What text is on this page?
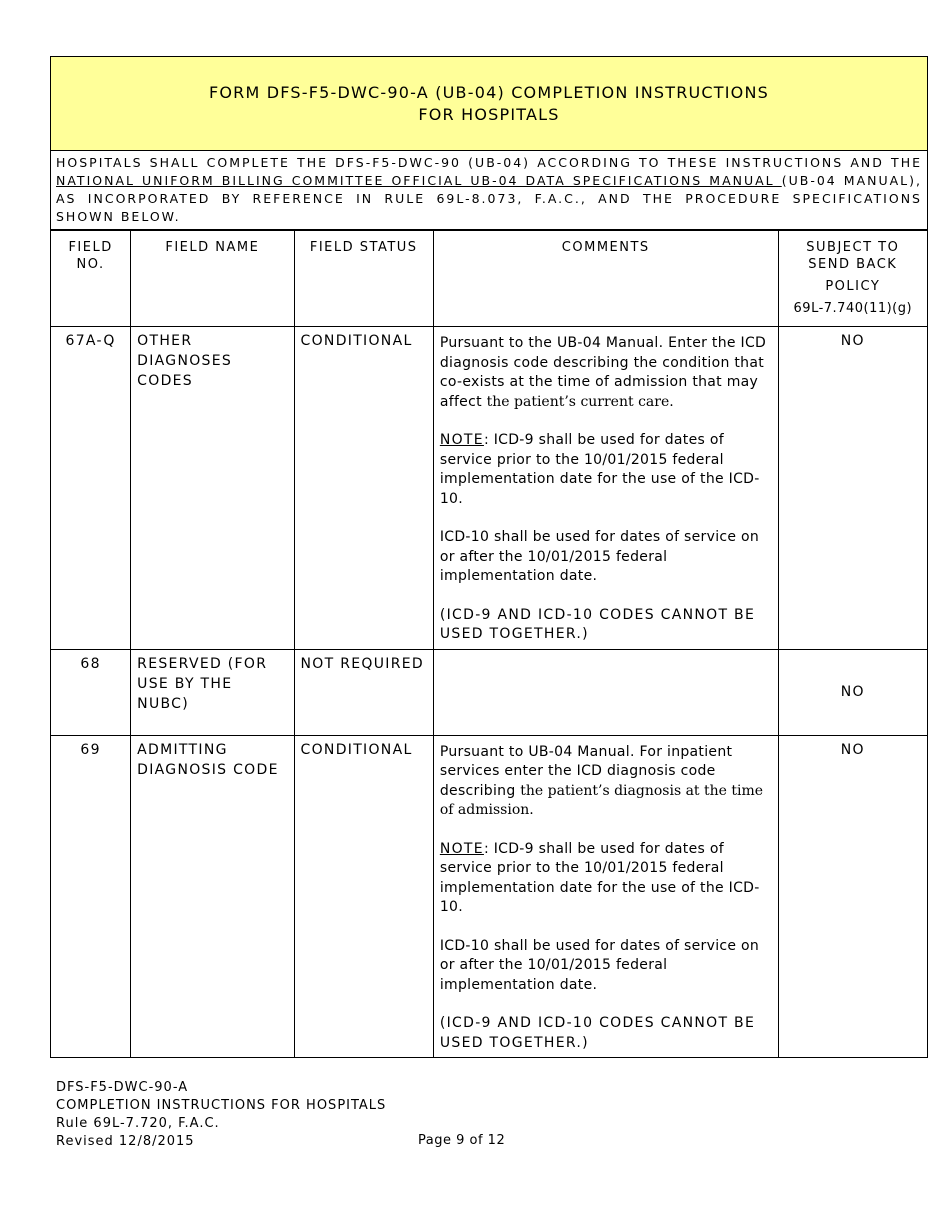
FORM DFS-F5-DWC-90-A (UB-04) COMPLETION INSTRUCTIONS
FOR HOSPITALS
HOSPITALS SHALL COMPLETE THE DFS-F5-DWC-90 (UB-04) ACCORDING TO THESE INSTRUCTIONS AND THE NATIONAL UNIFORM BILLING COMMITTEE OFFICIAL UB-04 DATA SPECIFICATIONS MANUAL (UB-04 MANUAL), AS INCORPORATED BY REFERENCE IN RULE 69L-8.073, F.A.C., AND THE PROCEDURE SPECIFICATIONS SHOWN BELOW.
FIELD NO.	FIELD NAME	FIELD STATUS	COMMENTS	SUBJECT TO SEND BACK
POLICY
69L-7.740(11)(g)

67A-Q	OTHER DIAGNOSES CODES	CONDITIONAL	Pursuant to the UB-04 Manual. Enter the ICD diagnosis code describing the condition that co-exists at the time of admission that may affect the patient’s current care.

NOTE: ICD-9 shall be used for dates of service prior to the 10/01/2015 federal implementation date for the use of the ICD-10.

ICD-10 shall be used for dates of service on or after the 10/01/2015 federal implementation date.

(ICD-9 AND ICD-10 CODES CANNOT BE USED TOGETHER.)	NO
68	RESERVED (FOR USE BY THE NUBC)	NOT REQUIRED		NO
69	ADMITTING DIAGNOSIS CODE	CONDITIONAL	Pursuant to UB-04 Manual. For inpatient services enter the ICD diagnosis code describing the patient’s diagnosis at the time of admission.

NOTE: ICD-9 shall be used for dates of service prior to the 10/01/2015 federal implementation date for the use of the ICD-10.

ICD-10 shall be used for dates of service on or after the 10/01/2015 federal implementation date.

(ICD-9 AND ICD-10 CODES CANNOT BE USED TOGETHER.)	NO
DFS-F5-DWC-90-A
COMPLETION INSTRUCTIONS FOR HOSPITALS
Rule 69L-7.720, F.A.C.
Revised 12/8/2015	Page 9 of 12
